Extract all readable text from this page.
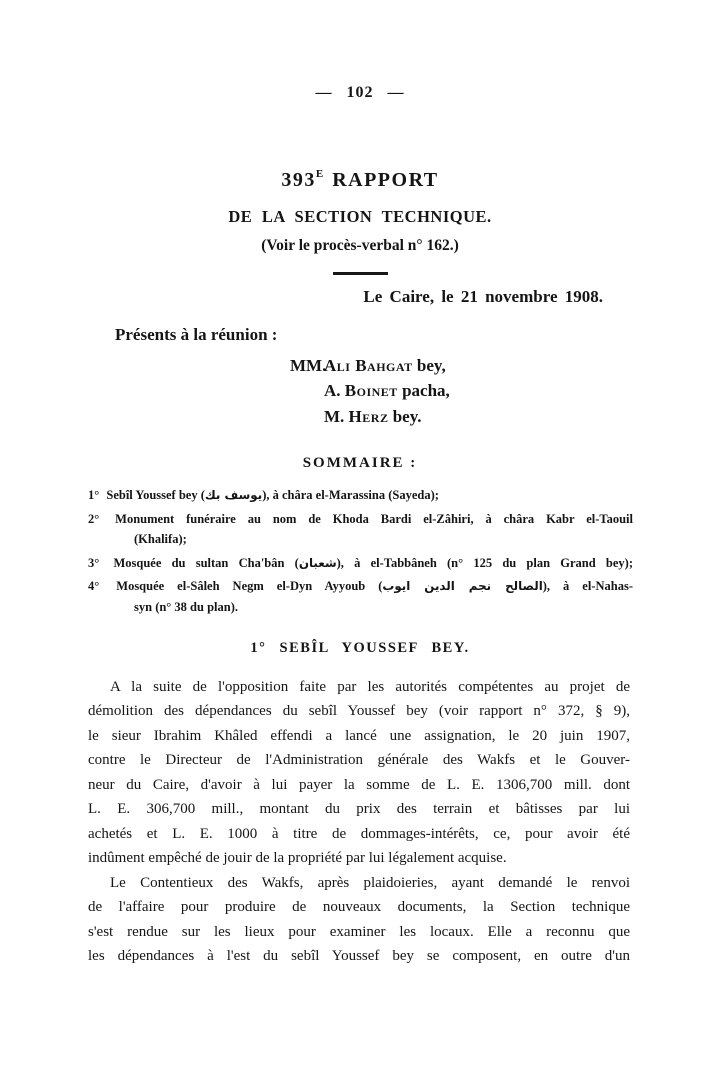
— 102 —
$393^E$ RAPPORT
DE LA SECTION TECHNIQUE.
(Voir le procès-verbal n° 162.)
Le Caire, le 21 novembre 1908.
Présents à la réunion :
MM.Ali Bahgat bey,
A. Boinet pacha,
M. Herz bey.
SOMMAIRE :
1° Sebîl Youssef bey (يوسف بك), à châra el-Marassina (Sayeda);
2° Monument funéraire au nom de Khoda Bardi el-Zâhiri, à châra Kabr el-Taouil
(Khalifa);
3° Mosquée du sultan Cha'bân (شعبان), à el-Tabbâneh (n° 125 du plan Grand bey);
4° Mosquée el-Sâleh Negm el-Dyn Ayyoub (الصالح نجم الدين ايوب), à el-Nahas-
syn (n° 38 du plan).
1° SEBÎL YOUSSEF BEY.
A la suite de l'opposition faite par les autorités compétentes au projet de
démolition des dépendances du sebîl Youssef bey (voir rapport n° 372, § 9),
le sieur Ibrahim Khâled effendi a lancé une assignation, le 20 juin 1907,
contre le Directeur de l'Administration générale des Wakfs et le Gouver-
neur du Caire, d'avoir à lui payer la somme de L. E. 1306,700 mill. dont
L. E. 306,700 mill., montant du prix des terrain et bâtisses par lui
achetés et L. E. 1000 à titre de dommages-intérêts, ce, pour avoir été
indûment empêché de jouir de la propriété par lui légalement acquise.
Le Contentieux des Wakfs, après plaidoieries, ayant demandé le renvoi
de l'affaire pour produire de nouveaux documents, la Section technique
s'est rendue sur les lieux pour examiner les locaux. Elle a reconnu que
les dépendances à l'est du sebîl Youssef bey se composent, en outre d'un
